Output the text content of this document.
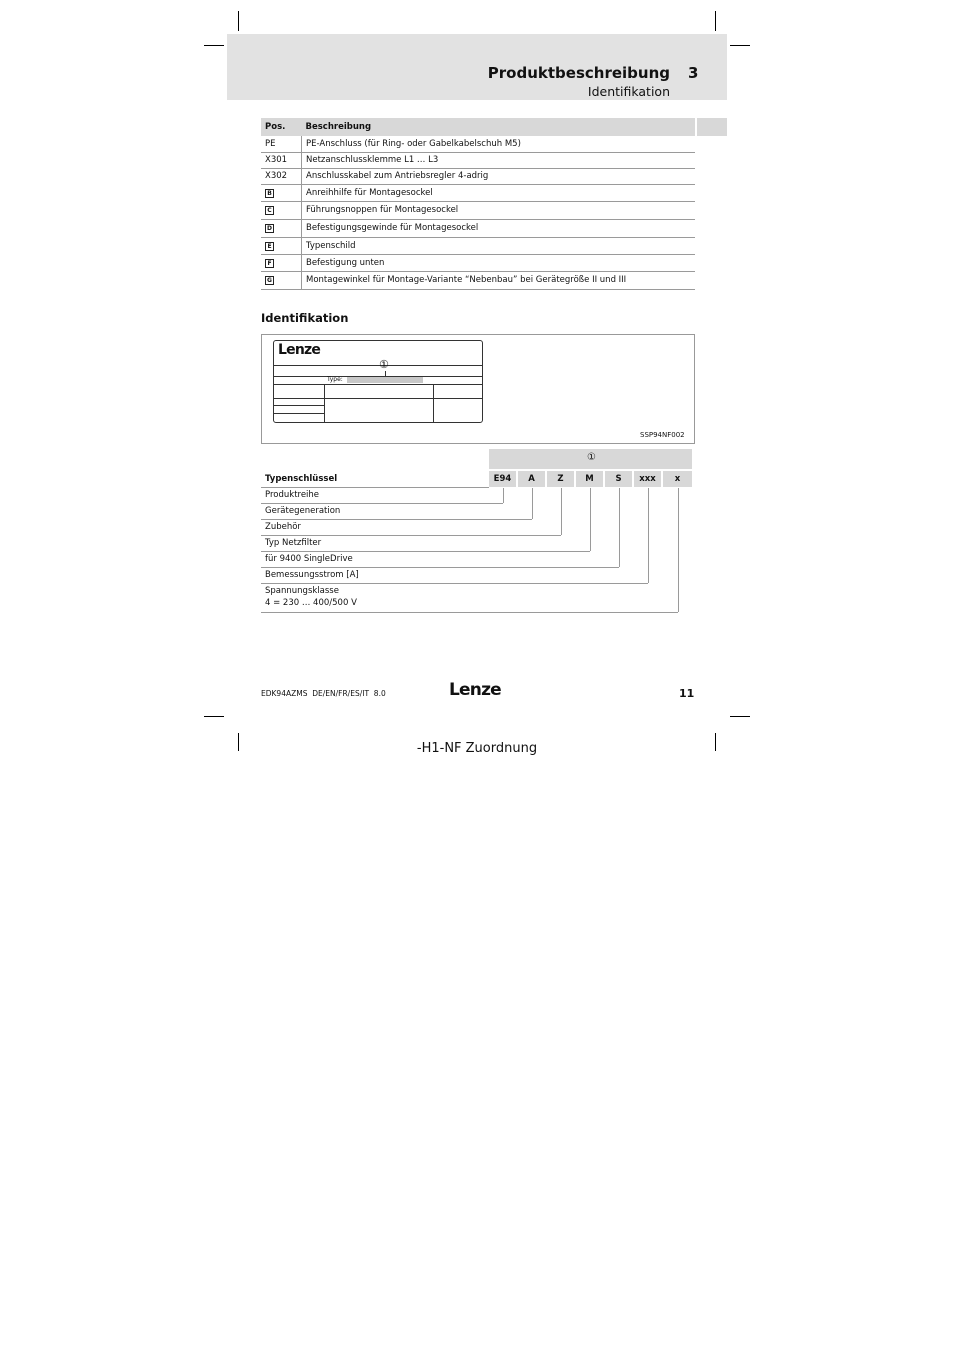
Produktbeschreibung 3
Identifikation
Pos.	Beschreibung
PE	PE-Anschluss (für Ring- oder Gabelkabelschuh M5)
X301	Netzanschlussklemme L1 … L3
X302	Anschlusskabel zum Antriebsregler 4-adrig
B	Anreihhilfe für Montagesockel
C	Führungsnoppen für Montagesockel
D	Befestigungsgewinde für Montagesockel
E	Typenschild
F	Befestigung unten
G	Montagewinkel für Montage-Variante “Nebenbau” bei Gerätegröße II und III
Identifikation
Lenze
①
Type:
SSP94NF002
①
Typenschlüssel	E94	A	Z	M	S	xxx	x
Produktreihe
Gerätegeneration
Zubehör
Typ Netzfilter
für 9400 SingleDrive
Bemessungsstrom [A]
Spannungsklasse
4 = 230 … 400/500 V
EDK94AZMS  DE/EN/FR/ES/IT  8.0	Lenze	11
-H1-NF Zuordnung
